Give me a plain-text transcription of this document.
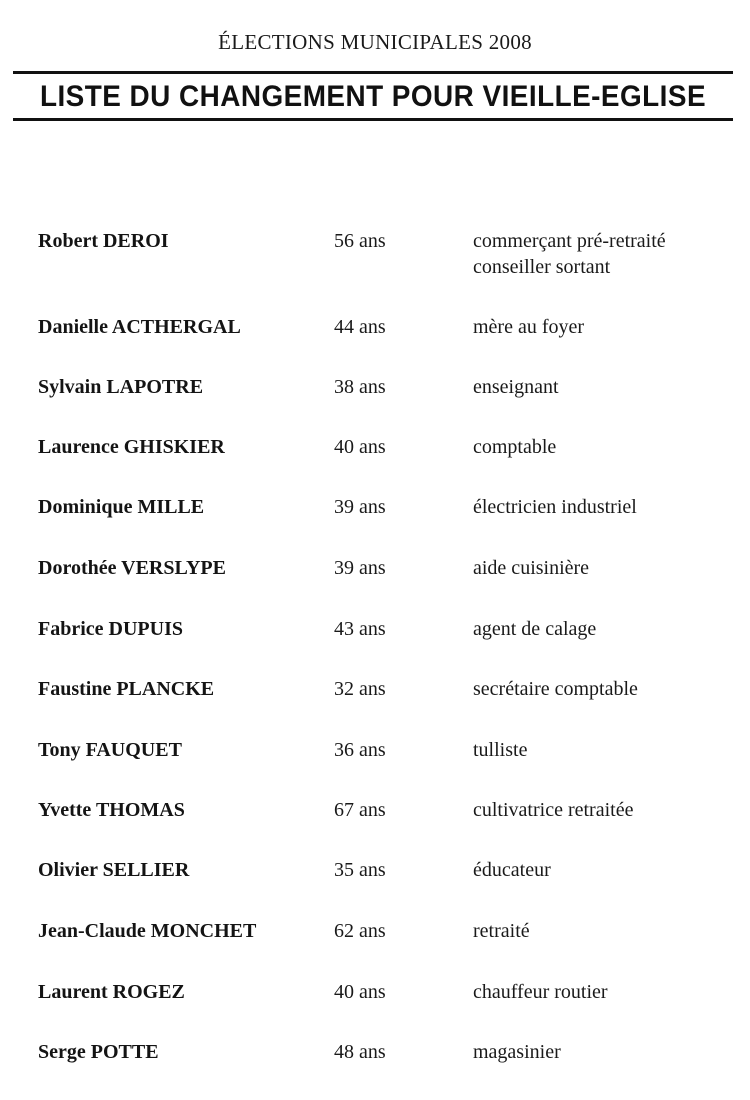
ÉLECTIONS MUNICIPALES 2008
LISTE DU CHANGEMENT POUR VIEILLE-EGLISE
Robert DEROI	56 ans	commerçant pré-retraité
conseiller sortant
Danielle ACTHERGAL	44 ans	mère au foyer
Sylvain LAPOTRE	38 ans	enseignant
Laurence GHISKIER	40 ans	comptable
Dominique MILLE	39 ans	électricien industriel
Dorothée VERSLYPE	39 ans	aide cuisinière
Fabrice DUPUIS	43 ans	agent de calage
Faustine PLANCKE	32 ans	secrétaire comptable
Tony FAUQUET	36 ans	tulliste
Yvette THOMAS	67 ans	cultivatrice retraitée
Olivier SELLIER	35 ans	éducateur
Jean-Claude MONCHET	62 ans	retraité
Laurent ROGEZ	40 ans	chauffeur routier
Serge POTTE	48 ans	magasinier
